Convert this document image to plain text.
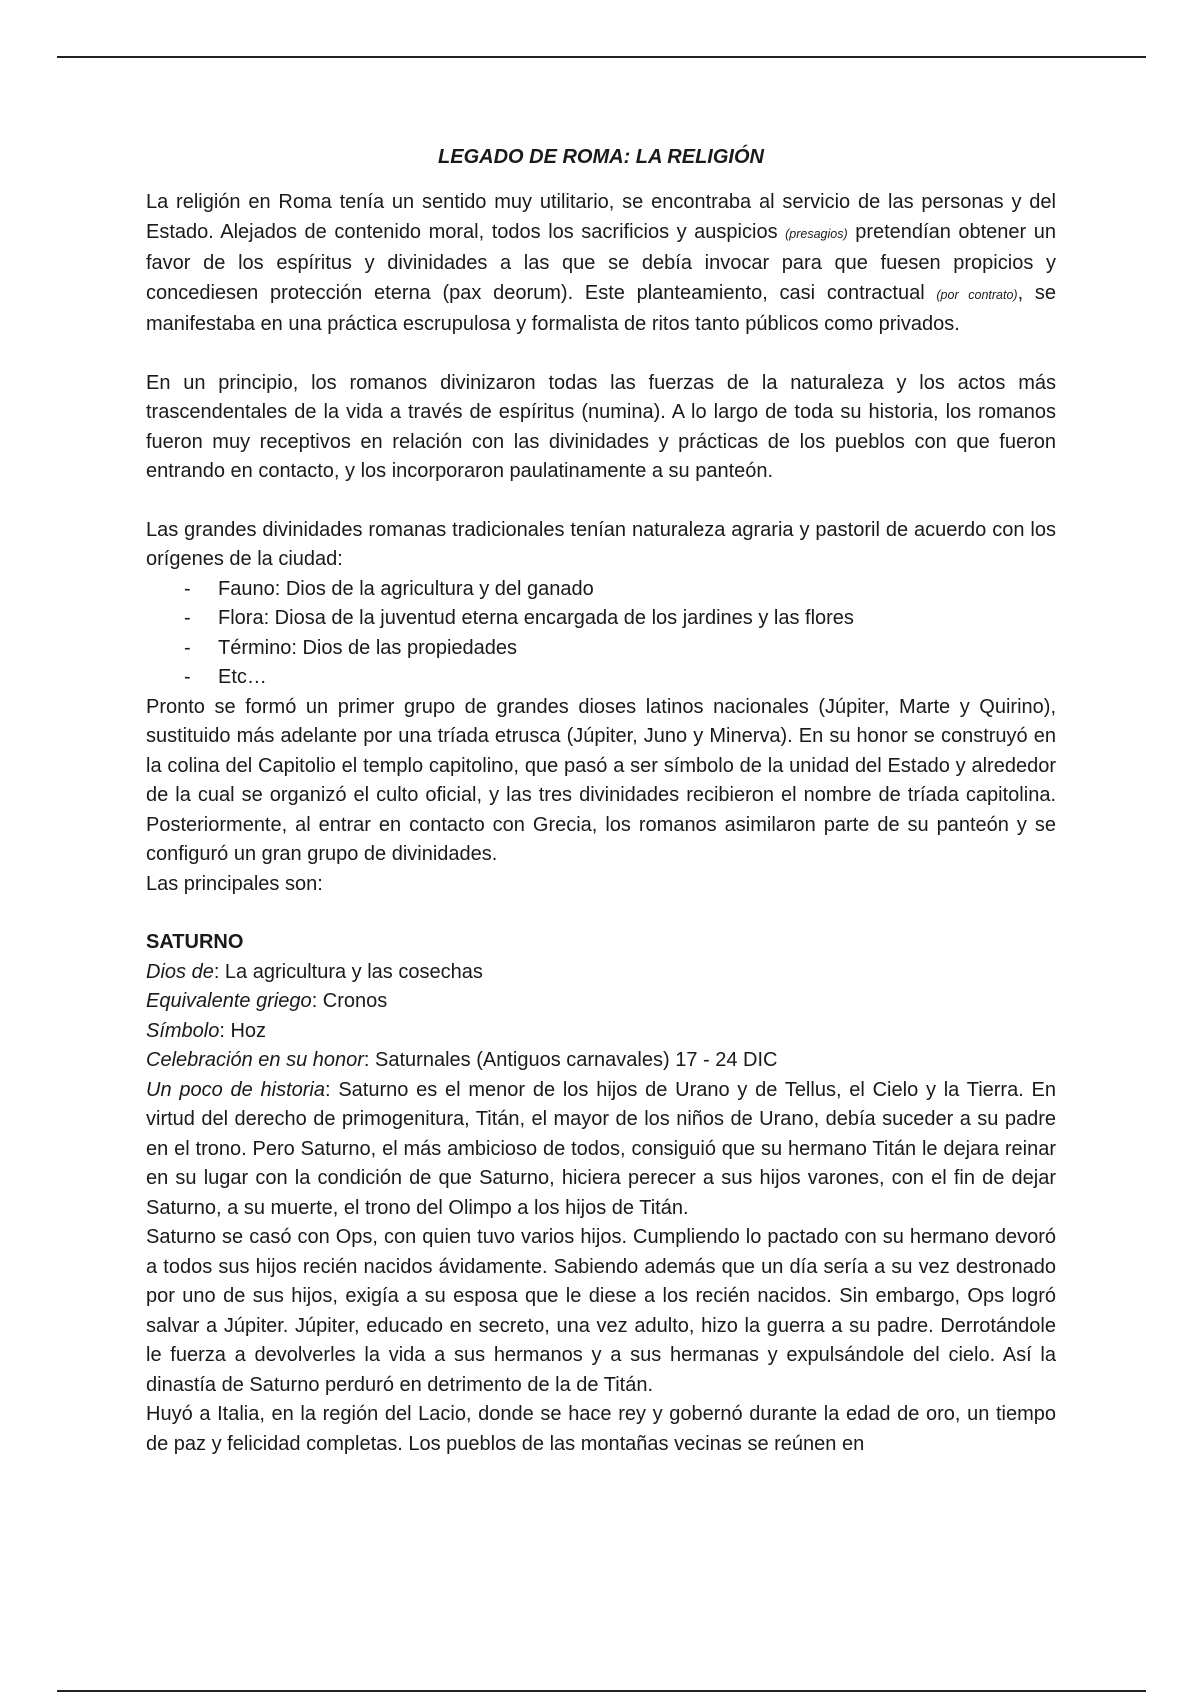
LEGADO DE ROMA: LA RELIGIÓN

La religión en Roma tenía un sentido muy utilitario, se encontraba al servicio de las personas y del Estado. Alejados de contenido moral, todos los sacrificios y auspicios (presagios) pretendían obtener un favor de los espíritus y divinidades a las que se debía invocar para que fuesen propicios y concediesen protección eterna (pax deorum). Este planteamiento, casi contractual (por contrato), se manifestaba en una práctica escrupulosa y formalista de ritos tanto públicos como privados.

En un principio, los romanos divinizaron todas las fuerzas de la naturaleza y los actos más trascendentales de la vida a través de espíritus (numina). A lo largo de toda su historia, los romanos fueron muy receptivos en relación con las divinidades y prácticas de los pueblos con que fueron entrando en contacto, y los incorporaron paulatinamente a su panteón.

Las grandes divinidades romanas tradicionales tenían naturaleza agraria y pastoril de acuerdo con los orígenes de la ciudad:

- Fauno: Dios de la agricultura y del ganado
- Flora: Diosa de la juventud eterna encargada de los jardines y las flores
- Término: Dios de las propiedades
- Etc…

Pronto se formó un primer grupo de grandes dioses latinos nacionales (Júpiter, Marte y Quirino), sustituido más adelante por una tríada etrusca (Júpiter, Juno y Minerva). En su honor se construyó en la colina del Capitolio el templo capitolino, que pasó a ser símbolo de la unidad del Estado y alrededor de la cual se organizó el culto oficial, y las tres divinidades recibieron el nombre de tríada capitolina. Posteriormente, al entrar en contacto con Grecia, los romanos asimilaron parte de su panteón y se configuró un gran grupo de divinidades.

Las principales son:

SATURNO

Dios de: La agricultura y las cosechas

Equivalente griego: Cronos

Símbolo: Hoz

Celebración en su honor: Saturnales (Antiguos carnavales) 17 - 24 DIC

Un poco de historia: Saturno es el menor de los hijos de Urano y de Tellus, el Cielo y la Tierra. En virtud del derecho de primogenitura, Titán, el mayor de los niños de Urano, debía suceder a su padre en el trono. Pero Saturno, el más ambicioso de todos, consiguió que su hermano Titán le dejara reinar en su lugar con la condición de que Saturno, hiciera perecer a sus hijos varones, con el fin de dejar Saturno, a su muerte, el trono del Olimpo a los hijos de Titán.

Saturno se casó con Ops, con quien tuvo varios hijos. Cumpliendo lo pactado con su hermano devoró a todos sus hijos recién nacidos ávidamente. Sabiendo además que un día sería a su vez destronado por uno de sus hijos, exigía a su esposa que le diese a los recién nacidos. Sin embargo, Ops logró salvar a Júpiter. Júpiter, educado en secreto, una vez adulto, hizo la guerra a su padre. Derrotándole le fuerza a devolverles la vida a sus hermanos y a sus hermanas y expulsándole del cielo. Así la dinastía de Saturno perduró en detrimento de la de Titán.

Huyó a Italia, en la región del Lacio, donde se hace rey y gobernó durante la edad de oro, un tiempo de paz y felicidad completas. Los pueblos de las montañas vecinas se reúnen en
